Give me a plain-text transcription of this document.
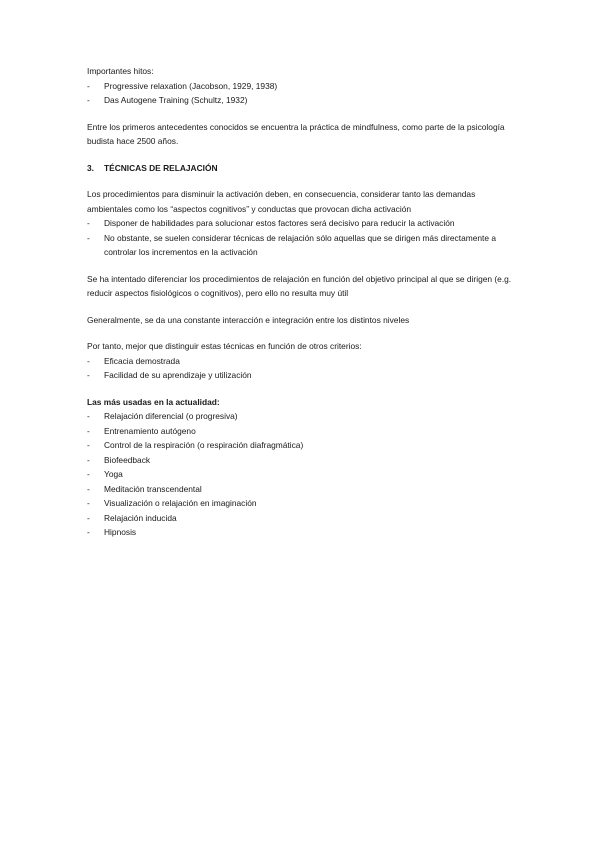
Importantes hitos:

- Progressive relaxation (Jacobson, 1929, 1938)
- Das Autogene Training (Schultz, 1932)

Entre los primeros antecedentes conocidos se encuentra la práctica de mindfulness, como parte de la psicología budista hace 2500 años.

3. TÉCNICAS DE RELAJACIÓN

Los procedimientos para disminuir la activación deben, en consecuencia, considerar tanto las demandas ambientales como los “aspectos cognitivos” y conductas que provocan dicha activación

- Disponer de habilidades para solucionar estos factores será decisivo para reducir la activación
- No obstante, se suelen considerar técnicas de relajación sólo aquellas que se dirigen más directamente a controlar los incrementos en la activación

Se ha intentado diferenciar los procedimientos de relajación en función del objetivo principal al que se dirigen (e.g. reducir aspectos fisiológicos o cognitivos), pero ello no resulta muy útil

Generalmente, se da una constante interacción e integración entre los distintos niveles

Por tanto, mejor que distinguir estas técnicas en función de otros criterios:

- Eficacia demostrada
- Facilidad de su aprendizaje y utilización

Las más usadas en la actualidad:

- Relajación diferencial (o progresiva)
- Entrenamiento autógeno
- Control de la respiración (o respiración diafragmática)
- Biofeedback
- Yoga
- Meditación transcendental
- Visualización o relajación en imaginación
- Relajación inducida
- Hipnosis
